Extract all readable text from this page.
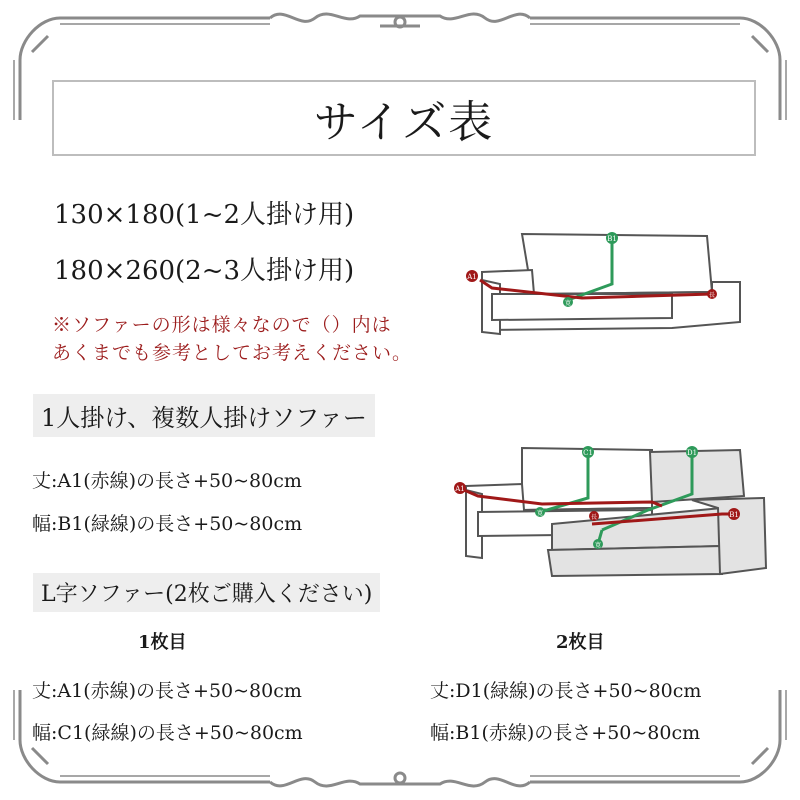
サイズ表
130×180(1~2人掛け用)
180×260(2~3人掛け用)
※ソファーの形は様々なので（）内は
あくまでも参考としてお考えください。
B1
A1
長
寛
1人掛け、複数人掛けソファー
丈:A1(赤線)の長さ+50~80cm
幅:B1(緑線)の長さ+50~80cm
C1	D1
A1
B1
寛
長
寛
L字ソファー(2枚ご購入ください)
1枚目
丈:A1(赤線)の長さ+50~80cm
幅:C1(緑線)の長さ+50~80cm
2枚目
丈:D1(緑線)の長さ+50~80cm
幅:B1(赤線)の長さ+50~80cm
